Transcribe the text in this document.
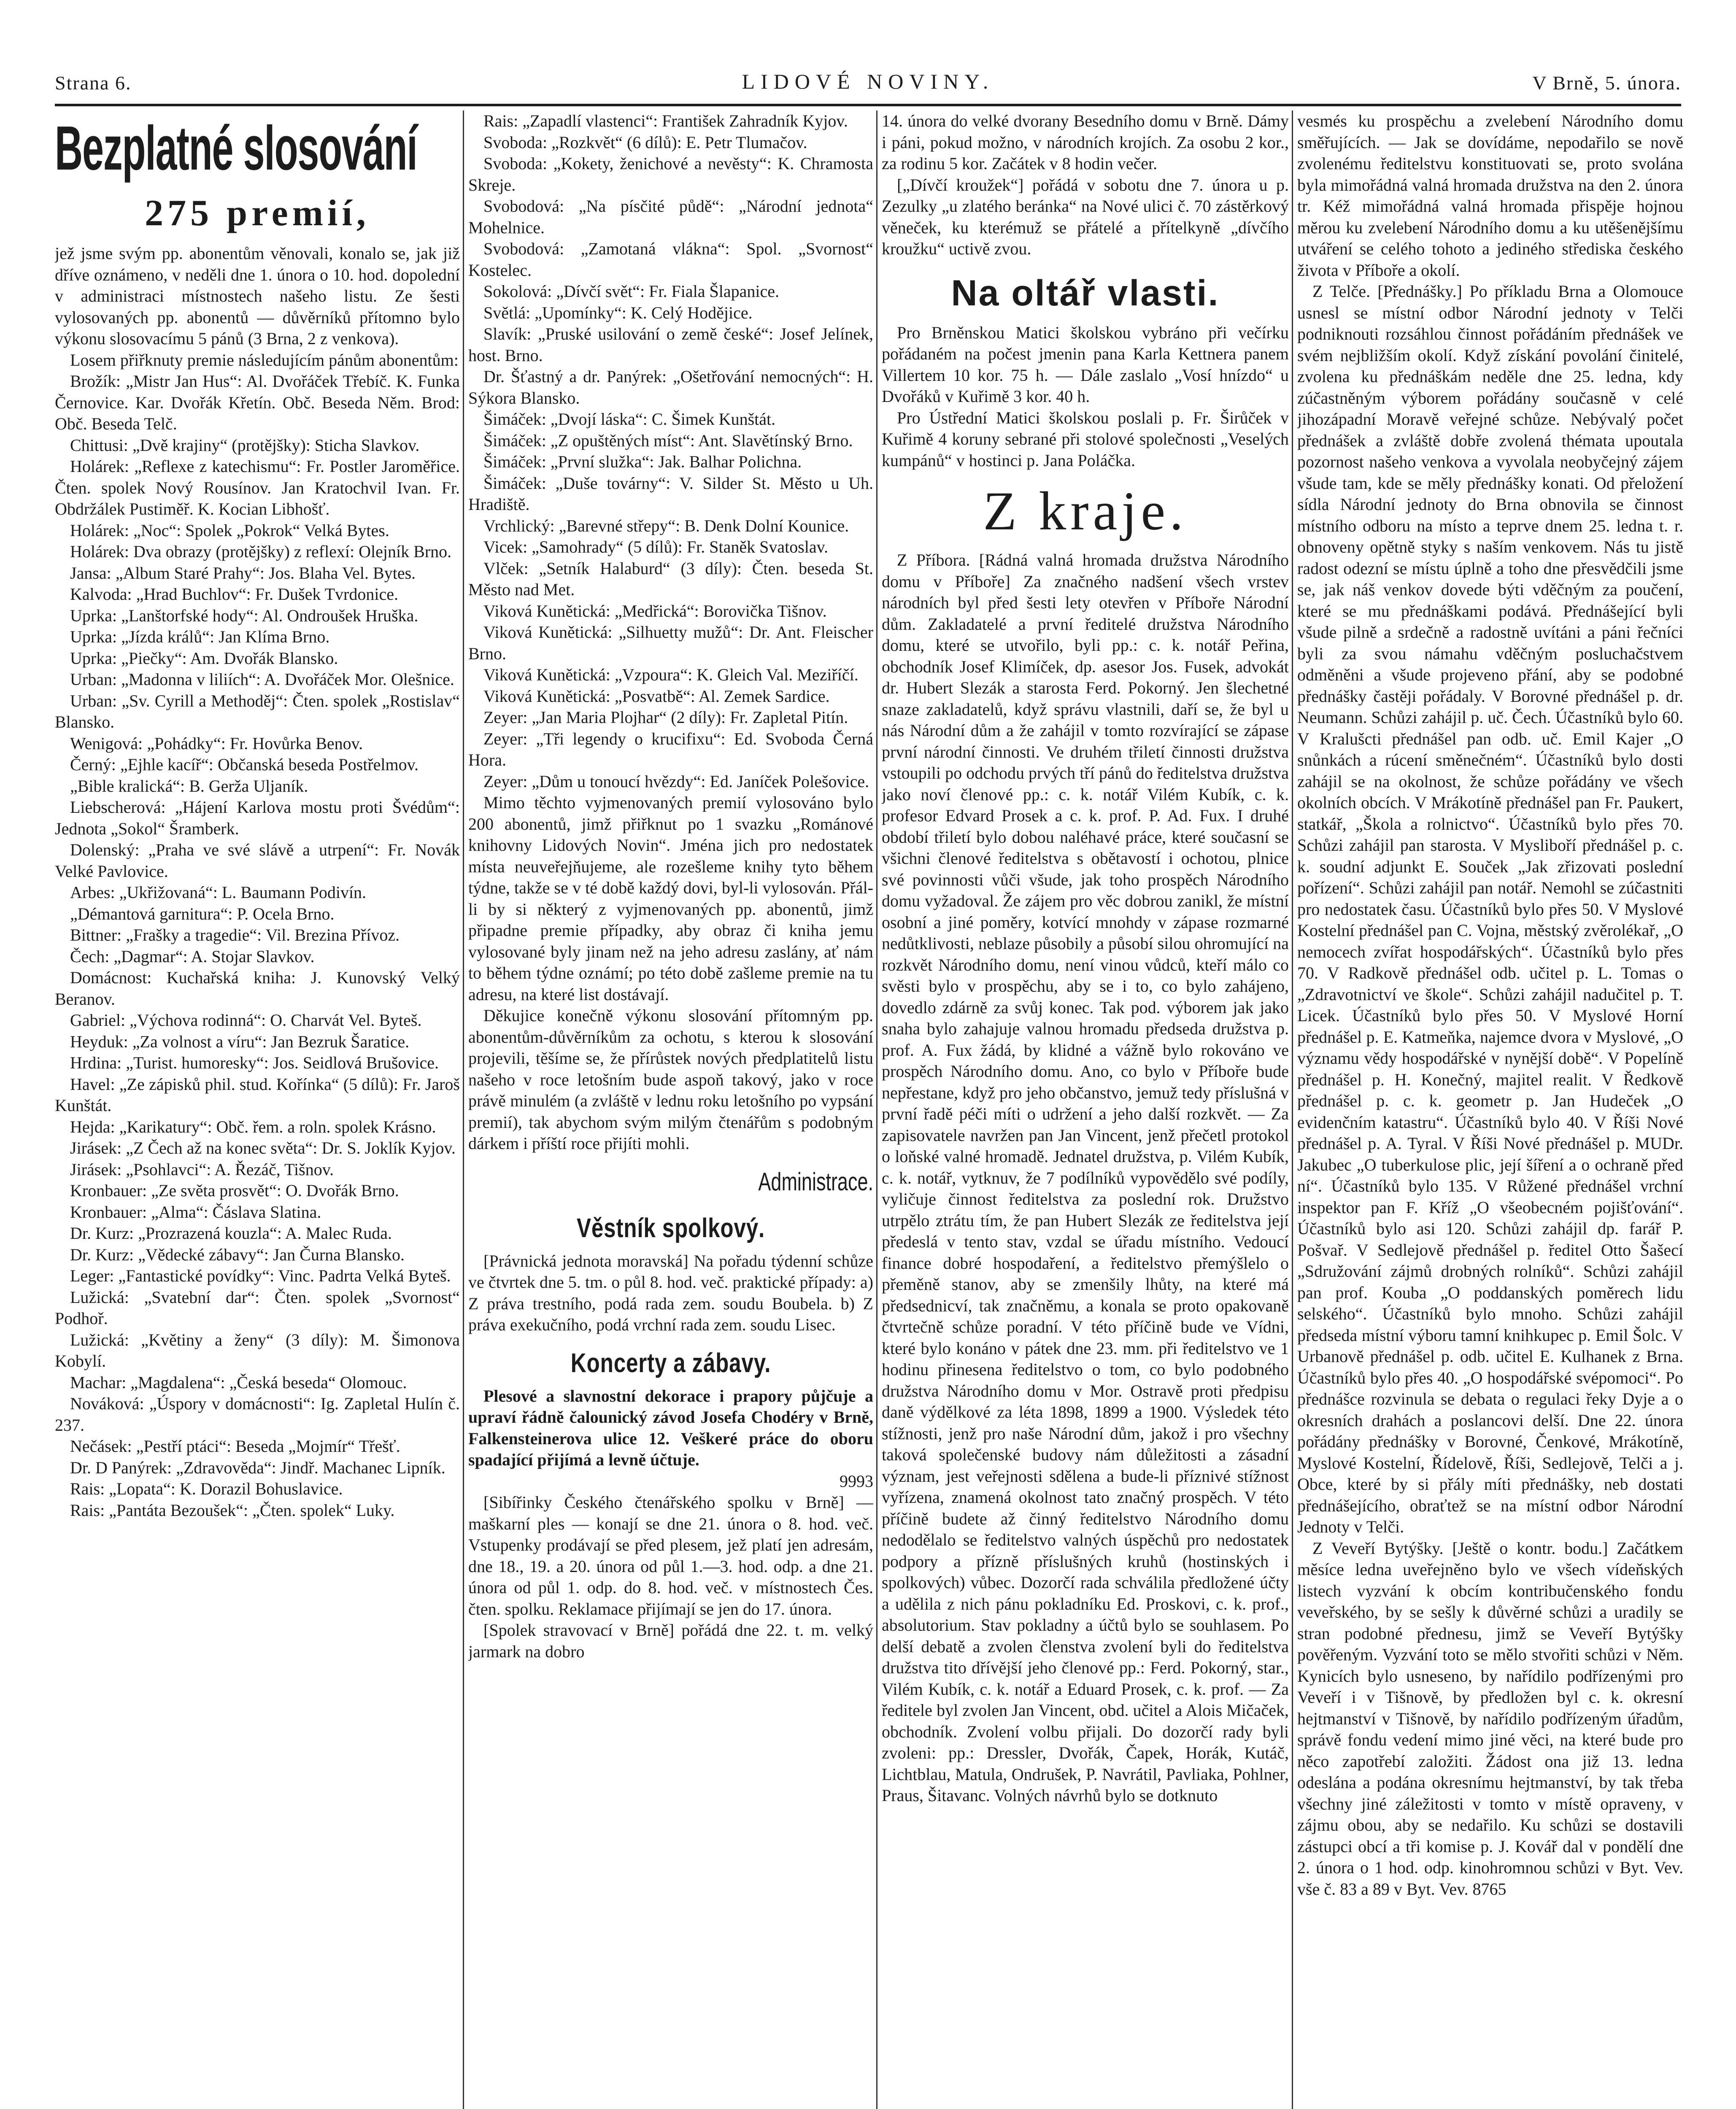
Strana 6.	LIDOVÉ NOVINY.	V Brně, 5. února.
Bezplatné slosování
275 premií,

jež jsme svým pp. abonentům věnovali, konalo se, jak již dříve oznámeno, v neděli dne 1. února o 10. hod. dopolední v administraci místnostech našeho listu. Ze šesti vylosovaných pp. abonentů — důvěrníků přítomno bylo výkonu slosovacímu 5 pánů (3 Brna, 2 z venkova).

Losem přiřknuty premie následujícím pánům abonentům:

Brožík: „Mistr Jan Hus“: Al. Dvořáček Třebíč. K. Funka Černovice. Kar. Dvořák Křetín. Obč. Beseda Něm. Brod: Obč. Beseda Telč.

Chittusi: „Dvě krajiny“ (protějšky): Sticha Slavkov.

Holárek: „Reflexe z katechismu“: Fr. Postler Jaroměřice. Čten. spolek Nový Rousínov. Jan Kratochvil Ivan. Fr. Obdržálek Pustiměř. K. Kocian Libhošť.

Holárek: „Noc“: Spolek „Pokrok“ Velká Bytes.

Holárek: Dva obrazy (protějšky) z reflexí: Olejník Brno.

Jansa: „Album Staré Prahy“: Jos. Blaha Vel. Bytes.

Kalvoda: „Hrad Buchlov“: Fr. Dušek Tvrdonice.

Uprka: „Lanštorfské hody“: Al. Ondroušek Hruška.

Uprka: „Jízda králů“: Jan Klíma Brno.

Uprka: „Piečky“: Am. Dvořák Blansko.

Urban: „Madonna v liliích“: A. Dvořáček Mor. Olešnice.

Urban: „Sv. Cyrill a Methoděj“: Čten. spolek „Rostislav“ Blansko.

Wenigová: „Pohádky“: Fr. Hovůrka Benov.

Černý: „Ejhle kacíř“: Občanská beseda Postřelmov.

„Bible kralická“: B. Gerža Uljaník.

Liebscherová: „Hájení Karlova mostu proti Švédům“: Jednota „Sokol“ Šramberk.

Dolenský: „Praha ve své slávě a utrpení“: Fr. Novák Velké Pavlovice.

Arbes: „Ukřižovaná“: L. Baumann Podivín.

„Démantová garnitura“: P. Ocela Brno.

Bittner: „Frašky a tragedie“: Vil. Brezina Přívoz.

Čech: „Dagmar“: A. Stojar Slavkov.

Domácnost: Kuchařská kniha: J. Kunovský Velký Beranov.

Gabriel: „Výchova rodinná“: O. Charvát Vel. Byteš.

Heyduk: „Za volnost a víru“: Jan Bezruk Šaratice.

Hrdina: „Turist. humoresky“: Jos. Seidlová Brušovice.

Havel: „Ze zápisků phil. stud. Kořínka“ (5 dílů): Fr. Jaroš Kunštát.

Hejda: „Karikatury“: Obč. řem. a roln. spolek Krásno.

Jirásek: „Z Čech až na konec světa“: Dr. S. Joklík Kyjov.

Jirásek: „Psohlavci“: A. Řezáč, Tišnov.

Kronbauer: „Ze světa prosvět“: O. Dvořák Brno.

Kronbauer: „Alma“: Čáslava Slatina.

Dr. Kurz: „Prozrazená kouzla“: A. Malec Ruda.

Dr. Kurz: „Vědecké zábavy“: Jan Čurna Blansko.

Leger: „Fantastické povídky“: Vinc. Padrta Velká Byteš.

Lužická: „Svatební dar“: Čten. spolek „Svornost“ Podhoř.

Lužická: „Květiny a ženy“ (3 díly): M. Šimonova Kobylí.

Machar: „Magdalena“: „Česká beseda“ Olomouc.

Nováková: „Úspory v domácnosti“: Ig. Zapletal Hulín č. 237.

Nečásek: „Pestří ptáci“: Beseda „Mojmír“ Třešť.

Dr. D Panýrek: „Zdravověda“: Jindř. Machanec Lipník.

Rais: „Lopata“: K. Dorazil Bohuslavice.

Rais: „Pantáta Bezoušek“: „Čten. spolek“ Luky.

Rais: „Zapadlí vlastenci“: František Zahradník Kyjov.

Svoboda: „Rozkvět“ (6 dílů): E. Petr Tlumačov.

Svoboda: „Kokety, ženichové a nevěsty“: K. Chramosta Skreje.

Svobodová: „Na písčité půdě“: „Národní jednota“ Mohelnice.

Svobodová: „Zamotaná vlákna“: Spol. „Svornost“ Kostelec.

Sokolová: „Dívčí svět“: Fr. Fiala Šlapanice.

Světlá: „Upomínky“: K. Celý Hodějice.

Slavík: „Pruské usilování o země české“: Josef Jelínek, host. Brno.

Dr. Šťastný a dr. Panýrek: „Ošetřování nemocných“: H. Sýkora Blansko.

Šimáček: „Dvojí láska“: C. Šimek Kunštát.

Šimáček: „Z opuštěných míst“: Ant. Slavětínský Brno.

Šimáček: „První služka“: Jak. Balhar Polichna.

Šimáček: „Duše továrny“: V. Silder St. Město u Uh. Hradiště.

Vrchlický: „Barevné střepy“: B. Denk Dolní Kounice.

Vicek: „Samohrady“ (5 dílů): Fr. Staněk Svatoslav.

Vlček: „Setník Halaburd“ (3 díly): Čten. beseda St. Město nad Met.

Viková Kunětická: „Medřická“: Borovička Tišnov.

Viková Kunětická: „Silhuetty mužů“: Dr. Ant. Fleischer Brno.

Viková Kunětická: „Vzpoura“: K. Gleich Val. Meziříčí.

Viková Kunětická: „Posvatbě“: Al. Zemek Sardice.

Zeyer: „Jan Maria Plojhar“ (2 díly): Fr. Zapletal Pitín.

Zeyer: „Tři legendy o krucifixu“: Ed. Svoboda Černá Hora.

Zeyer: „Dům u tonoucí hvězdy“: Ed. Janíček Polešovice.

Mimo těchto vyjmenovaných premií vylosováno bylo 200 abonentů, jimž přiřknut po 1 svazku „Románové knihovny Lidových Novin“. Jména jich pro nedostatek místa neuveřejňujeme, ale rozešleme knihy tyto během týdne, takže se v té době každý dovi, byl-li vylosován. Přál-li by si některý z vyjmenovaných pp. abonentů, jimž připadne premie případky, aby obraz či kniha jemu vylosované byly jinam než na jeho adresu zaslány, ať nám to během týdne oznámí; po této době zašleme premie na tu adresu, na které list dostávají.

Děkujice konečně výkonu slosování přítomným pp. abonentům-důvěrníkům za ochotu, s kterou k slosování projevili, těšíme se, že přírůstek nových předplatitelů listu našeho v roce letošním bude aspoň takový, jako v roce právě minulém (a zvláště v lednu roku letošního po vypsání premií), tak abychom svým milým čtenářům s podobným dárkem i příští roce přijíti mohli.

Administrace.
Věstník spolkový.

[Právnická jednota moravská] Na pořadu týdenní schůze ve čtvrtek dne 5. tm. o půl 8. hod. več. praktické případy: a) Z práva trestního, podá rada zem. soudu Boubela. b) Z práva exekučního, podá vrchní rada zem. soudu Lisec.

Koncerty a zábavy.

Plesové a slavnostní dekorace i prapory půjčuje a upraví řádně čalounický závod Josefa Chodéry v Brně, Falkensteinerova ulice 12. Veškeré práce do oboru spadající přijímá a levně účtuje.

9993

[Sibířinky Českého čtenářského spolku v Brně] — maškarní ples — konají se dne 21. února o 8. hod. več. Vstupenky prodávají se před plesem, jež platí jen adresám, dne 18., 19. a 20. února od půl 1.—3. hod. odp. a dne 21. února od půl 1. odp. do 8. hod. več. v místnostech Čes. čten. spolku. Reklamace přijímají se jen do 17. února.

[Spolek stravovací v Brně] pořádá dne 22. t. m. velký jarmark na dobro

14. února do velké dvorany Besedního domu v Brně. Dámy i páni, pokud možno, v národních krojích. Za osobu 2 kor., za rodinu 5 kor. Začátek v 8 hodin večer.

[„Dívčí kroužek“] pořádá v sobotu dne 7. února u p. Zezulky „u zlatého beránka“ na Nové ulici č. 70 zástěrkový věneček, ku kterémuž se přátelé a přítelkyně „dívčího kroužku“ uctivě zvou.

Na oltář vlasti.

Pro Brněnskou Matici školskou vybráno při večírku pořádaném na počest jmenin pana Karla Kettnera panem Villertem 10 kor. 75 h. — Dále zaslalo „Vosí hnízdo“ u Dvořáků v Kuřimě 3 kor. 40 h.

Pro Ústřední Matici školskou poslali p. Fr. Širůček v Kuřimě 4 koruny sebrané při stolové společnosti „Veselých kumpánů“ v hostinci p. Jana Poláčka.

Z kraje.

Z Příbora. [Rádná valná hromada družstva Národního domu v Příboře] Za značného nadšení všech vrstev národních byl před šesti lety otevřen v Příboře Národní dům. Zakladatelé a první ředitelé družstva Národního domu, které se utvořilo, byli pp.: c. k. notář Peřina, obchodník Josef Klimíček, dp. asesor Jos. Fusek, advokát dr. Hubert Slezák a starosta Ferd. Pokorný. Jen šlechetné snaze zakladatelů, když správu vlastnili, daří se, že byl u nás Národní dům a že zahájil v tomto rozvírající se zápase první národní činnosti. Ve druhém třiletí činnosti družstva vstoupili po odchodu prvých tří pánů do ředitelstva družstva jako noví členové pp.: c. k. notář Vilém Kubík, c. k. profesor Edvard Prosek a c. k. prof. P. Ad. Fux. I druhé období třiletí bylo dobou naléhavé práce, které současní se všichni členové ředitelstva s obětavostí i ochotou, plnice své povinnosti vůči všude, jak toho prospěch Národního domu vyžadoval. Že zájem pro věc dobrou zanikl, že místní osobní a jiné poměry, kotvící mnohdy v zápase rozmarné nedůtklivosti, neblaze působily a působí silou ohromující na rozkvět Národního domu, není vinou vůdců, kteří málo co svěsti bylo v prospěchu, aby se i to, co bylo zahájeno, dovedlo zdárně za svůj konec. Tak pod. výborem jak jako snaha bylo zahajuje valnou hromadu předseda družstva p. prof. A. Fux žádá, by klidné a vážně bylo rokováno ve prospěch Národního domu. Ano, co bylo v Příboře bude nepřestane, když pro jeho občanstvo, jemuž tedy příslušná v první řadě péči míti o udržení a jeho další rozkvět. — Za zapisovatele navržen pan Jan Vincent, jenž přečetl protokol o loňské valné hromadě. Jednatel družstva, p. Vilém Kubík, c. k. notář, vytknuv, že 7 podílníků vypovědělo své podíly, vyličuje činnost ředitelstva za poslední rok. Družstvo utrpělo ztrátu tím, že pan Hubert Slezák ze ředitelstva její předeslá v tento stav, vzdal se úřadu místního. Vedoucí finance dobré hospodaření, a ředitelstvo přemýšlelo o přeměně stanov, aby se zmenšily lhůty, na které má předsednicví, tak značněmu, a konala se proto opakovaně čtvrtečně schůze poradní. V této příčině bude ve Vídni, které bylo konáno v pátek dne 23. mm. při ředitelstvo ve 1 hodinu přinesena ředitelstvo o tom, co bylo podobného družstva Národního domu v Mor. Ostravě proti předpisu daně výdělkové za léta 1898, 1899 a 1900. Výsledek této stížnosti, jenž pro naše Národní dům, jakož i pro všechny taková společenské budovy nám důležitosti a zásadní význam, jest veřejnosti sdělena a bude-li příznivé stížnost vyřízena, znamená okolnost tato značný prospěch. V této příčině budete až činný ředitelstvo Národního domu nedodělalo se ředitelstvo valných úspěchů pro nedostatek podpory a přízně příslušných kruhů (hostinských i spolkových) vůbec. Dozorčí rada schválila předložené účty a udělila z nich pánu pokladníku Ed. Proskovi, c. k. prof., absolutorium. Stav pokladny a účtů bylo se souhlasem. Po delší debatě a zvolen členstva zvolení byli do ředitelstva družstva tito dřívější jeho členové pp.: Ferd. Pokorný, star., Vilém Kubík, c. k. notář a Eduard Prosek, c. k. prof. — Za ředitele byl zvolen Jan Vincent, obd. učitel a Alois Mičaček, obchodník. Zvolení volbu přijali. Do dozorčí rady byli zvoleni: pp.: Dressler, Dvořák, Čapek, Horák, Kutáč, Lichtblau, Matula, Ondrušek, P. Navrátil, Pavliaka, Pohlner, Praus, Šitavanc. Volných návrhů bylo se dotknuto

vesmés ku prospěchu a zvelebení Národního domu směřujících. — Jak se dovídáme, nepodařilo se nově zvolenému ředitelstvu konstituovati se, proto svolána byla mimořádná valná hromada družstva na den 2. února tr. Kéž mimořádná valná hromada přispěje hojnou měrou ku zvelebení Národního domu a ku utěšenějšímu utváření se celého tohoto a jediného střediska českého života v Příboře a okolí.

Z Telče. [Přednášky.] Po příkladu Brna a Olomouce usnesl se místní odbor Národní jednoty v Telči podniknouti rozsáhlou činnost pořádáním přednášek ve svém nejbližším okolí. Když získání povolání činitelé, zvolena ku přednáškám neděle dne 25. ledna, kdy zúčastněným výborem pořádány současně v celé jihozápadní Moravě veřejné schůze. Nebývalý počet přednášek a zvláště dobře zvolená thémata upoutala pozornost našeho venkova a vyvolala neobyčejný zájem všude tam, kde se měly přednášky konati. Od přeložení sídla Národní jednoty do Brna obnovila se činnost místního odboru na místo a teprve dnem 25. ledna t. r. obnoveny opětně styky s naším venkovem. Nás tu jistě radost odezní se místu úplně a toho dne přesvědčili jsme se, jak náš venkov dovede býti vděčným za poučení, které se mu přednáškami podává. Přednášející byli všude pilně a srdečně a radostně uvítáni a páni řečníci byli za svou námahu vděčným posluchačstvem odměněni a všude projeveno přání, aby se podobné přednášky častěji pořádaly. V Borovné přednášel p. dr. Neumann. Schůzi zahájil p. uč. Čech. Účastníků bylo 60. V Kralušcti přednášel pan odb. uč. Emil Kajer „O snůnkách a rúcení směnečném“. Účastníků bylo dosti zahájil se na okolnost, že schůze pořádány ve všech okolních obcích. V Mrákotíně přednášel pan Fr. Paukert, statkář, „Škola a rolnictvo“. Účastníků bylo přes 70. Schůzi zahájil pan starosta. V Mysliboří přednášel p. c. k. soudní adjunkt E. Souček „Jak zřizovati poslední pořízení“. Schůzi zahájil pan notář. Nemohl se zúčastniti pro nedostatek času. Účastníků bylo přes 50. V Myslové Kostelní přednášel pan C. Vojna, městský zvěrolékař, „O nemocech zvířat hospodářských“. Účastníků bylo přes 70. V Radkově přednášel odb. učitel p. L. Tomas o „Zdravotnictví ve škole“. Schůzi zahájil nadučitel p. T. Licek. Účastníků bylo přes 50. V Myslové Horní přednášel p. E. Katmeňka, najemce dvora v Myslové, „O významu vědy hospodářské v nynější době“. V Popelíně přednášel p. H. Konečný, majitel realit. V Ředkově přednášel p. c. k. geometr p. Jan Hudeček „O evidenčním katastru“. Účastníků bylo 40. V Říši Nové přednášel p. A. Tyral. V Říši Nové přednášel p. MUDr. Jakubec „O tuberkulose plic, její šíření a o ochraně před ní“. Účastníků bylo 135. V Růžené přednášel vrchní inspektor pan F. Kříž „O všeobecném pojišťování“. Účastníků bylo asi 120. Schůzi zahájil dp. farář P. Pošvař. V Sedlejově přednášel p. ředitel Otto Šašecí „Sdružování zájmů drobných rolníků“. Schůzi zahájil pan prof. Kouba „O poddanských poměrech lidu selského“. Účastníků bylo mnoho. Schůzi zahájil předseda místní výboru tamní knihkupec p. Emil Šolc. V Urbanově přednášel p. odb. učitel E. Kulhanek z Brna. Účastníků bylo přes 40. „O hospodářské svépomoci“. Po přednášce rozvinula se debata o regulaci řeky Dyje a o okresních drahách a poslancovi delší. Dne 22. února pořádány přednášky v Borovné, Čenkové, Mrákotíně, Myslové Kostelní, Řídelově, Říši, Sedlejově, Telči a j. Obce, které by si přály míti přednášky, neb dostati přednášejícího, obraťtež se na místní odbor Národní Jednoty v Telči.

Z Veveří Bytýšky. [Ještě o kontr. bodu.] Začátkem měsíce ledna uveřejněno bylo ve všech vídeňských listech vyzvání k obcím kontribučenského fondu veveřského, by se sešly k důvěrné schůzi a uradily se stran podobné přednesu, jimž se Veveří Bytýšky pověřeným. Vyzvání toto se mělo stvořiti schůzi v Něm. Kynicích bylo usneseno, by nařídilo podřízenými pro Veveří i v Tišnově, by předložen byl c. k. okresní hejtmanství v Tišnově, by nařídilo podřízeným úřadům, správě fondu vedení mimo jiné věci, na které bude pro něco zapotřebí založiti. Žádost ona již 13. ledna odeslána a podána okresnímu hejtmanství, by tak třeba všechny jiné záležitosti v tomto v místě opraveny, v zájmu obou, aby se nedařilo. Ku schůzi se dostavili zástupci obcí a tři komise p. J. Kovář dal v pondělí dne 2. února o 1 hod. odp. kinohromnou schůzi v Byt. Vev. vše č. 83 a 89 v Byt. Vev. 8765
